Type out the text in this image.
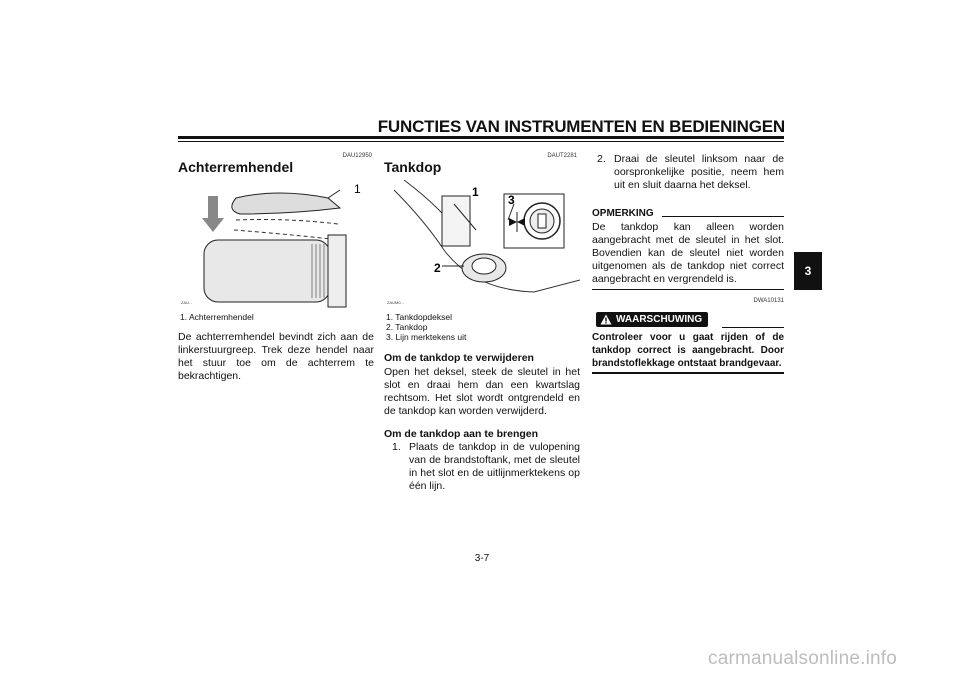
FUNCTIES VAN INSTRUMENTEN EN BEDIENINGEN
3
DAU12950
Achterremhendel
1
ZAU...
1. Achterremhendel
De achterremhendel bevindt zich aan de linkerstuurgreep. Trek deze hendel naar het stuur toe om de achterrem te bekrachtigen.
DAUT2281
Tankdop
1
2
3
ZAUM0...
1. Tankdopdeksel
2. Tankdop
3. Lijn merktekens uit
Om de tankdop te verwijderen
Open het deksel, steek de sleutel in het slot en draai hem dan een kwartslag rechtsom. Het slot wordt ontgrendeld en de tankdop kan worden verwijderd.
Om de tankdop aan te brengen
1. Plaats de tankdop in de vulopening van de brandstoftank, met de sleutel in het slot en de uitlijnmerktekens op één lijn.
2. Draai de sleutel linksom naar de oorspronkelijke positie, neem hem uit en sluit daarna het deksel.
OPMERKING
De tankdop kan alleen worden aangebracht met de sleutel in het slot. Bovendien kan de sleutel niet worden uitgenomen als de tankdop niet correct aangebracht en vergrendeld is.
DWA10131
WAARSCHUWING
Controleer voor u gaat rijden of de tankdop correct is aangebracht. Door brandstoflekkage ontstaat brandgevaar.
3-7
carmanualsonline.info
